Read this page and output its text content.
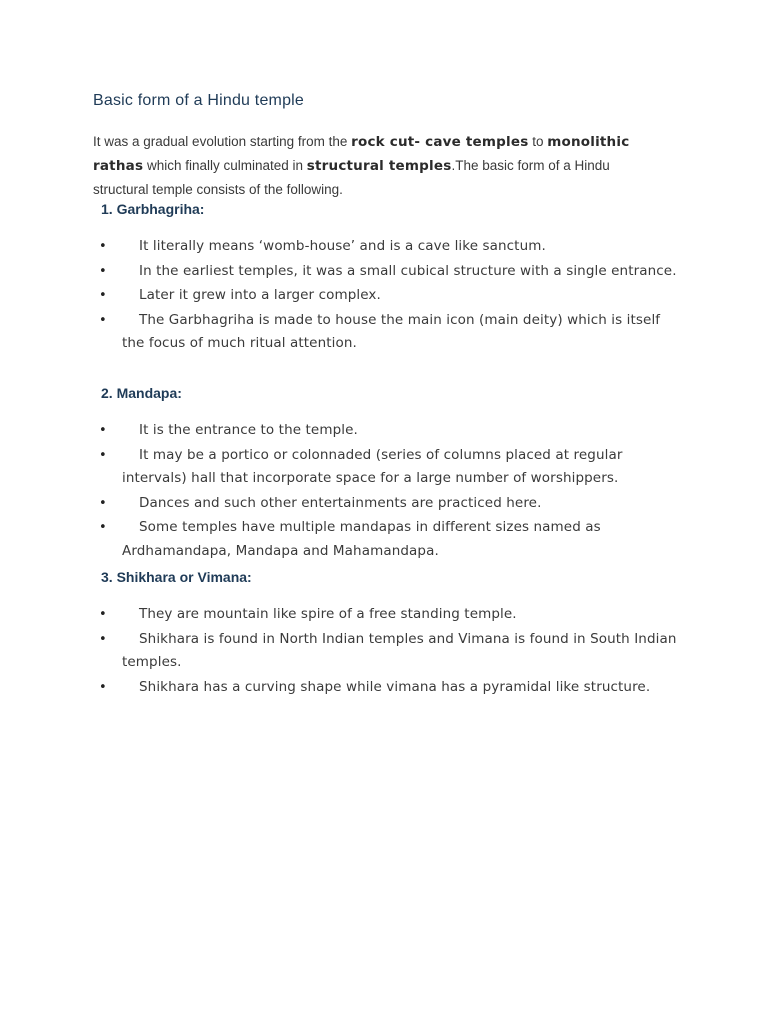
Basic form of a Hindu temple

It was a gradual evolution starting from the rock cut- cave temples to monolithic rathas which finally culminated in structural temples.The basic form of a Hindu structural temple consists of the following.

1. Garbhagriha:
• It literally means ‘womb-house’ and is a cave like sanctum.
• In the earliest temples, it was a small cubical structure with a single entrance.
• Later it grew into a larger complex.
• The Garbhagriha is made to house the main icon (main deity) which is itself the focus of much ritual attention.
2. Mandapa:
• It is the entrance to the temple.
• It may be a portico or colonnaded (series of columns placed at regular intervals) hall that incorporate space for a large number of worshippers.
• Dances and such other entertainments are practiced here.
• Some temples have multiple mandapas in different sizes named as Ardhamandapa, Mandapa and Mahamandapa.
3. Shikhara or Vimana:
• They are mountain like spire of a free standing temple.
• Shikhara is found in North Indian temples and Vimana is found in South Indian temples.
• Shikhara has a curving shape while vimana has a pyramidal like structure.
